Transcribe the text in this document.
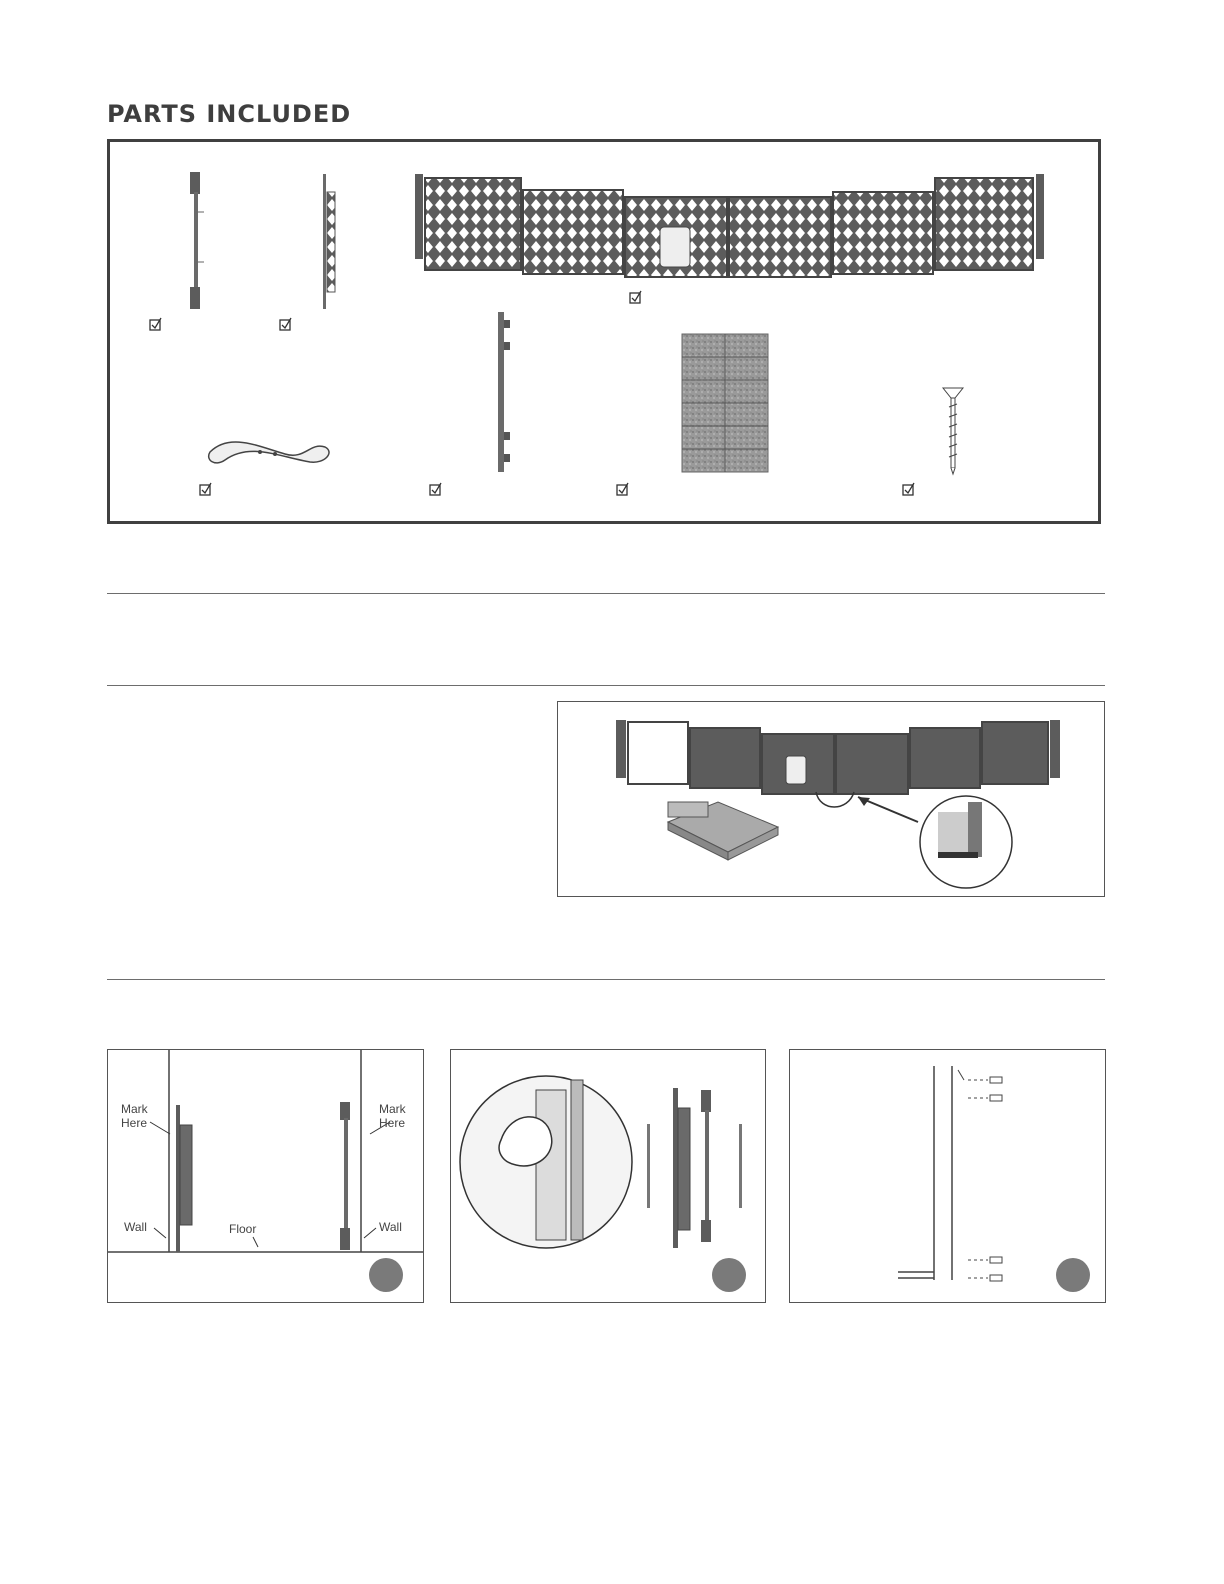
PARTS INCLUDED
Mark
Here
Mark
Here
Wall	Floor	Wall
